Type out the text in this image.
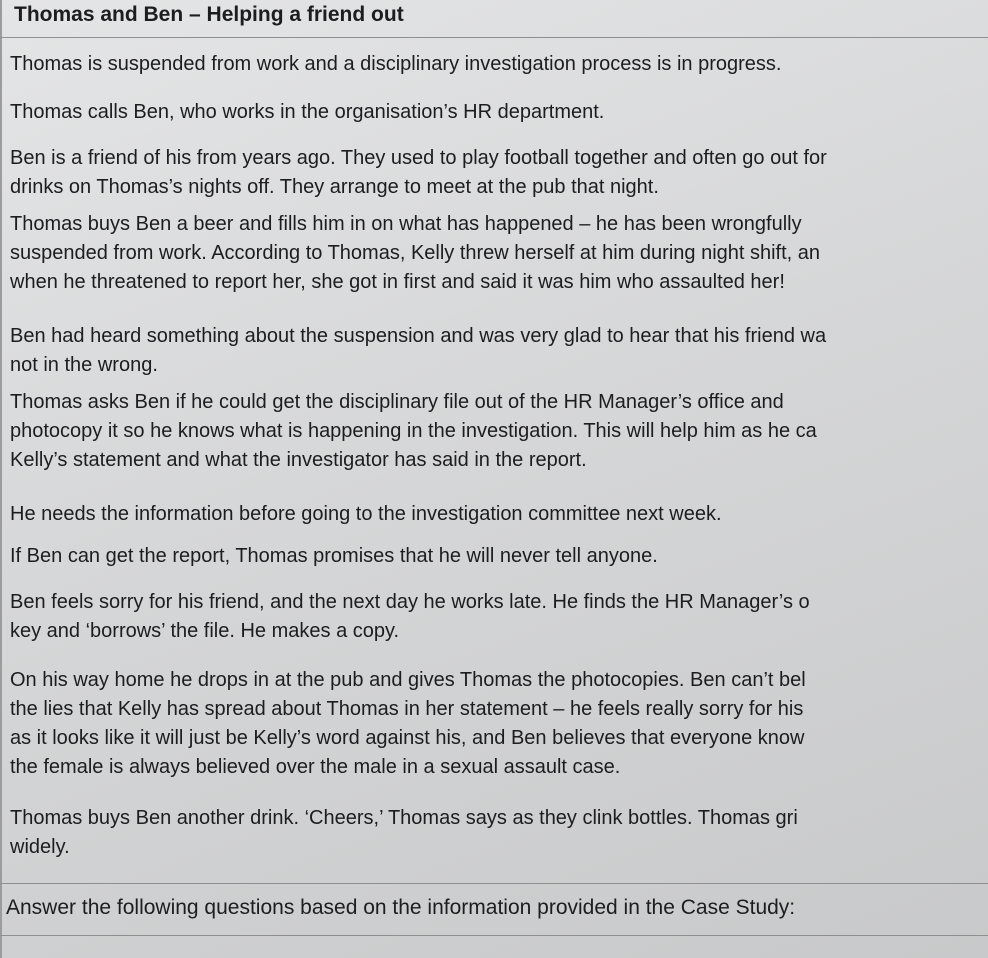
Thomas and Ben – Helping a friend out
Thomas is suspended from work and a disciplinary investigation process is in progress.
Thomas calls Ben, who works in the organisation’s HR department.
Ben is a friend of his from years ago. They used to play football together and often go out for
drinks on Thomas’s nights off. They arrange to meet at the pub that night.
Thomas buys Ben a beer and fills him in on what has happened – he has been wrongfully
suspended from work. According to Thomas, Kelly threw herself at him during night shift, an
when he threatened to report her, she got in first and said it was him who assaulted her!
Ben had heard something about the suspension and was very glad to hear that his friend wa
not in the wrong.
Thomas asks Ben if he could get the disciplinary file out of the HR Manager’s office and
photocopy it so he knows what is happening in the investigation. This will help him as he ca
Kelly’s statement and what the investigator has said in the report.
He needs the information before going to the investigation committee next week.
If Ben can get the report, Thomas promises that he will never tell anyone.
Ben feels sorry for his friend, and the next day he works late. He finds the HR Manager’s o
key and ‘borrows’ the file. He makes a copy.
On his way home he drops in at the pub and gives Thomas the photocopies. Ben can’t bel
the lies that Kelly has spread about Thomas in her statement – he feels really sorry for his
as it looks like it will just be Kelly’s word against his, and Ben believes that everyone know
the female is always believed over the male in a sexual assault case.
Thomas buys Ben another drink. ‘Cheers,’ Thomas says as they clink bottles. Thomas gri
widely.
Answer the following questions based on the information provided in the Case Study:
